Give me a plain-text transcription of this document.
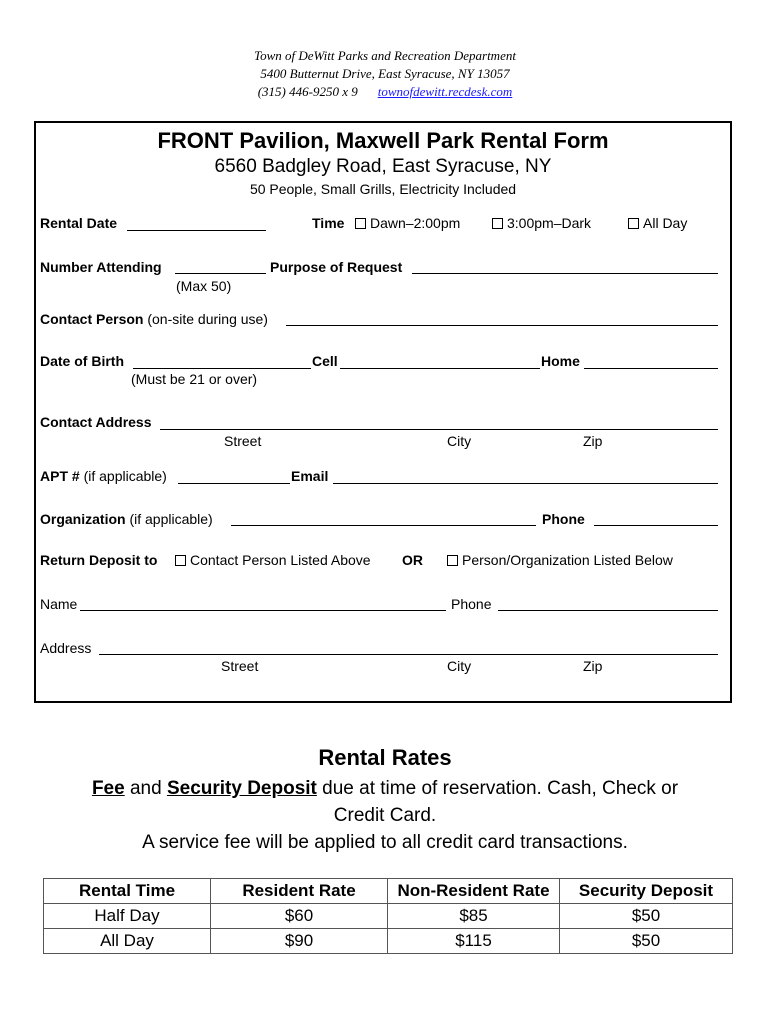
Town of DeWitt Parks and Recreation Department
5400 Butternut Drive, East Syracuse, NY 13057
(315) 446-9250 x 9 townofdewitt.recdesk.com
FRONT Pavilion, Maxwell Park Rental Form
6560 Badgley Road, East Syracuse, NY
50 People, Small Grills, Electricity Included
Rental Date	Time	Dawn–2:00pm	3:00pm–Dark	All Day
Number Attending
(Max 50)
Purpose of Request
Contact Person (on-site during use)
Date of Birth
(Must be 21 or over)
Cell	Home
Contact Address
Street	City	Zip
APT # (if applicable)	Email
Organization (if applicable)	Phone
Return Deposit to	Contact Person Listed Above OR	Person/Organization Listed Below
Name	Phone
Address
Street	City	Zip
Rental Rates
Fee and Security Deposit due at time of reservation. Cash, Check or
Credit Card.
A service fee will be applied to all credit card transactions.
Rental Time	Resident Rate	Non-Resident Rate	Security Deposit
Half Day	$60	$85	$50
All Day	$90	$115	$50
